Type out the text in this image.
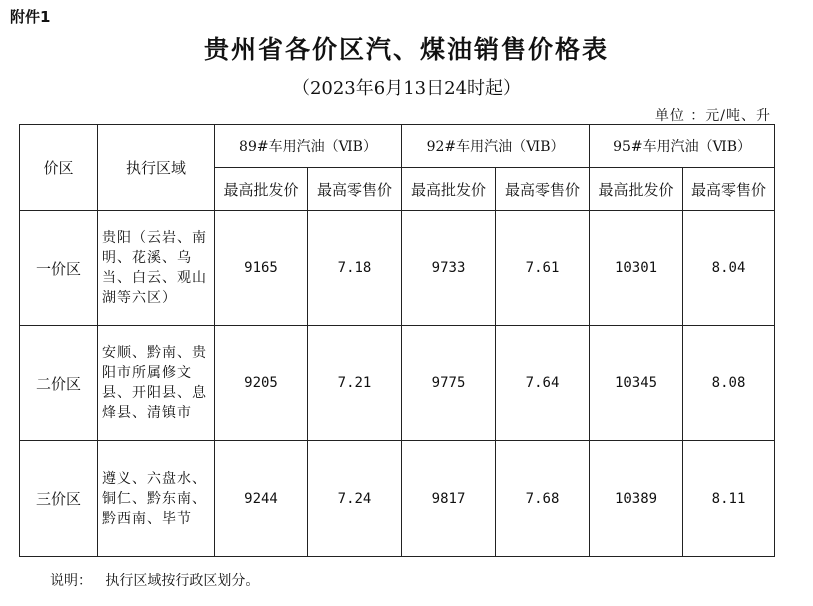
附件1
贵州省各价区汽、煤油销售价格表
（2023年6月13日24时起）
单位 ：元/吨、升
价区	执行区域	89#车用汽油（ⅥB）		92#车用汽油（ⅥB）		95#车用汽油（ⅥB）	
		最高批发价	最高零售价	最高批发价	最高零售价	最高批发价	最高零售价
一价区	贵阳（云岩、南明、花溪、乌当、白云、观山湖等六区）	9165	7.18	9733	7.61	10301	8.04
二价区	安顺、黔南、贵阳市所属修文县、开阳县、息烽县、清镇市	9205	7.21	9775	7.64	10345	8.08
三价区	遵义、六盘水、铜仁、黔东南、黔西南、毕节	9244	7.24	9817	7.68	10389	8.11
说明：   执行区域按行政区划分。
